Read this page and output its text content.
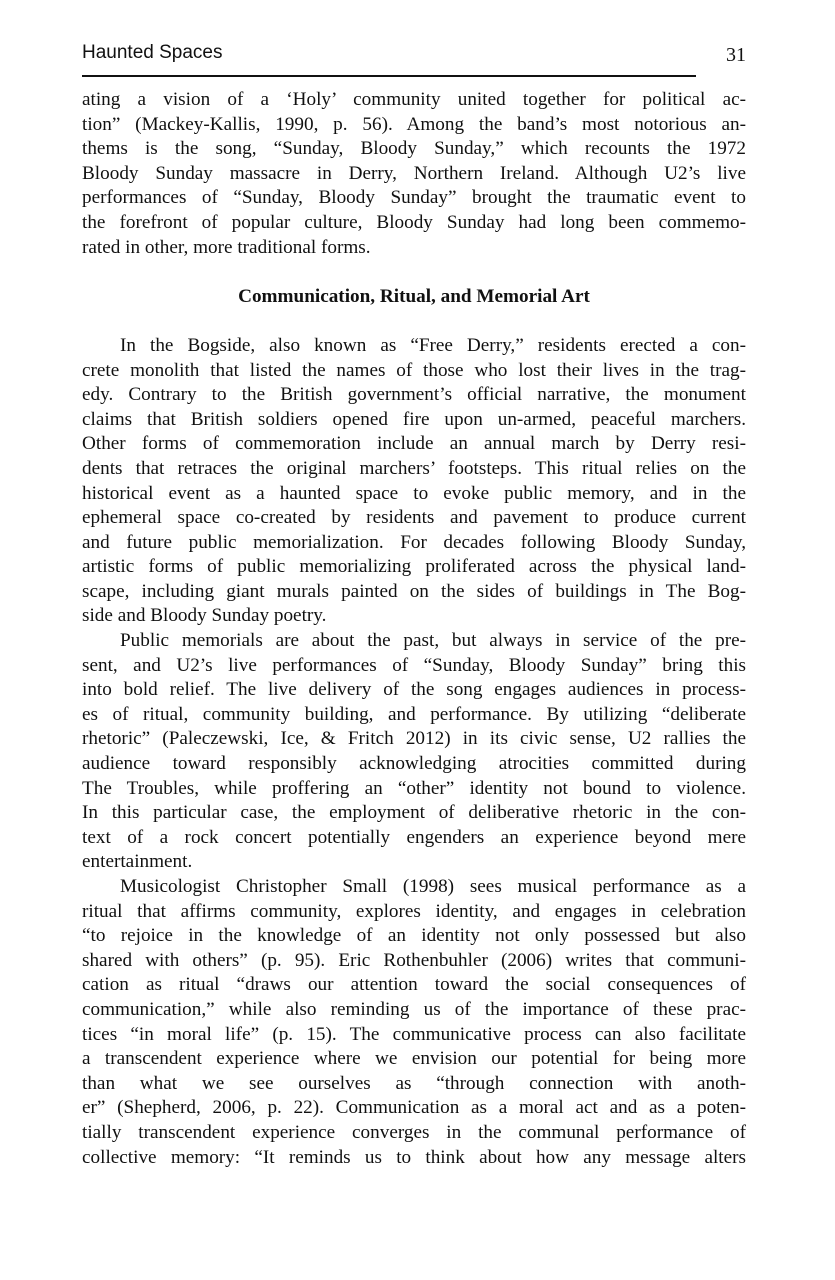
Haunted Spaces	31
ating a vision of a ‘Holy’ community united together for political ac-
tion” (Mackey-Kallis, 1990, p. 56). Among the band’s most notorious an-
thems is the song, “Sunday, Bloody Sunday,” which recounts the 1972
Bloody Sunday massacre in Derry, Northern Ireland. Although U2’s live
performances of “Sunday, Bloody Sunday” brought the traumatic event to
the forefront of popular culture, Bloody Sunday had long been commemo-
rated in other, more traditional forms.
Communication, Ritual, and Memorial Art
In the Bogside, also known as “Free Derry,” residents erected a con-
crete monolith that listed the names of those who lost their lives in the trag-
edy. Contrary to the British government’s official narrative, the monument
claims that British soldiers opened fire upon un-armed, peaceful marchers.
Other forms of commemoration include an annual march by Derry resi-
dents that retraces the original marchers’ footsteps. This ritual relies on the
historical event as a haunted space to evoke public memory, and in the
ephemeral space co-created by residents and pavement to produce current
and future public memorialization. For decades following Bloody Sunday,
artistic forms of public memorializing proliferated across the physical land-
scape, including giant murals painted on the sides of buildings in The Bog-
side and Bloody Sunday poetry.
Public memorials are about the past, but always in service of the pre-
sent, and U2’s live performances of “Sunday, Bloody Sunday” bring this
into bold relief. The live delivery of the song engages audiences in process-
es of ritual, community building, and performance. By utilizing “deliberate
rhetoric” (Paleczewski, Ice, & Fritch 2012) in its civic sense, U2 rallies the
audience toward responsibly acknowledging atrocities committed during
The Troubles, while proffering an “other” identity not bound to violence.
In this particular case, the employment of deliberative rhetoric in the con-
text of a rock concert potentially engenders an experience beyond mere
entertainment.
Musicologist Christopher Small (1998) sees musical performance as a
ritual that affirms community, explores identity, and engages in celebration
“to rejoice in the knowledge of an identity not only possessed but also
shared with others” (p. 95). Eric Rothenbuhler (2006) writes that communi-
cation as ritual “draws our attention toward the social consequences of
communication,” while also reminding us of the importance of these prac-
tices “in moral life” (p. 15). The communicative process can also facilitate
a transcendent experience where we envision our potential for being more
than what we see ourselves as “through connection with anoth-
er” (Shepherd, 2006, p. 22). Communication as a moral act and as a poten-
tially transcendent experience converges in the communal performance of
collective memory: “It reminds us to think about how any message alters
